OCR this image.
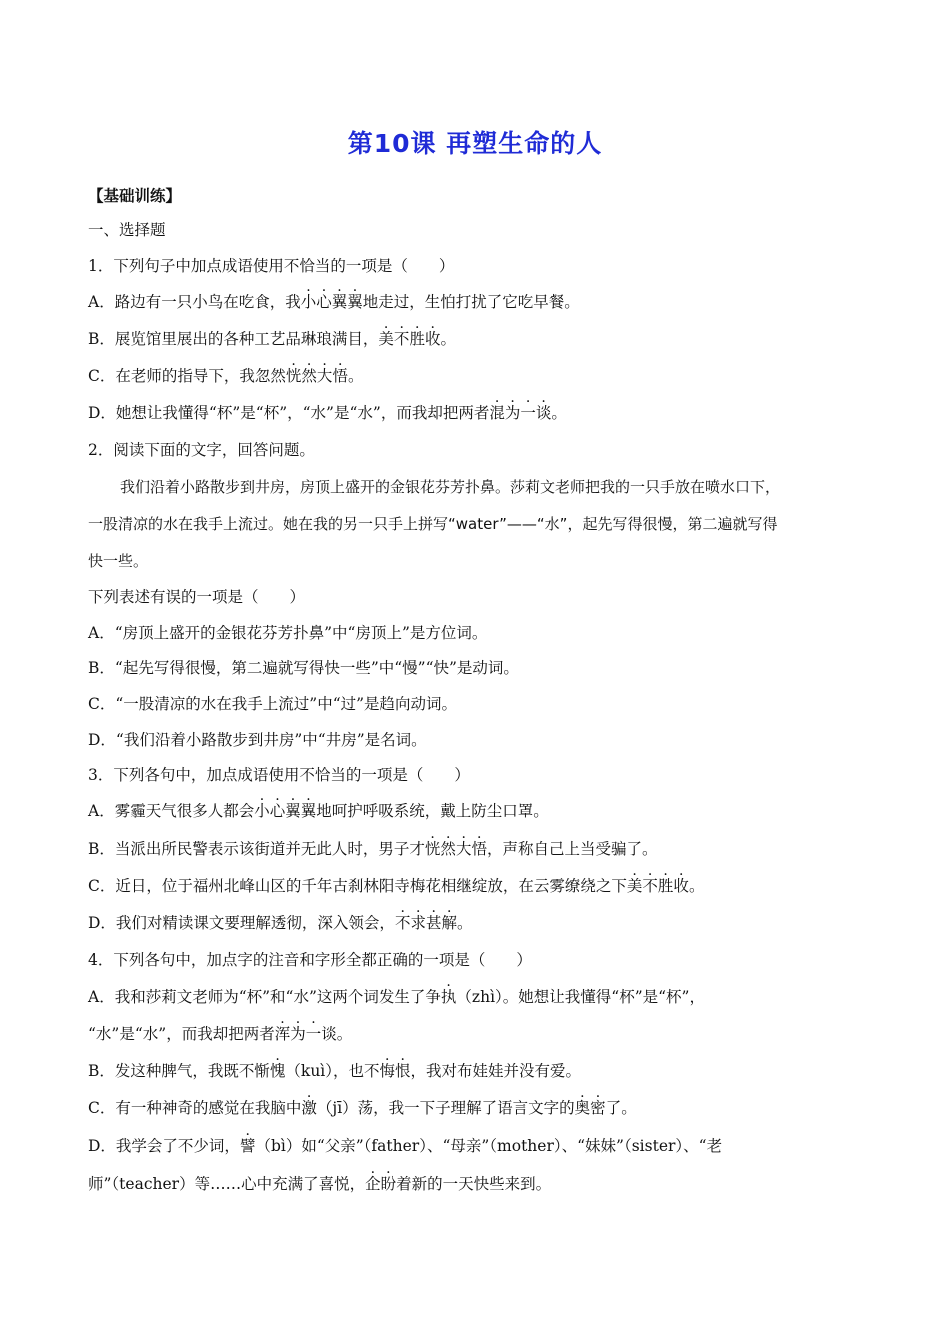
第10课 再塑生命的人
【基础训练】
一、选择题
1．下列句子中加点成语使用不恰当的一项是（　　）
A．路边有一只小鸟在吃食，我小心翼翼地走过，生怕打扰了它吃早餐。
B．展览馆里展出的各种工艺品琳琅满目，美不胜收。
C．在老师的指导下，我忽然恍然大悟。
D．她想让我懂得“杯”是“杯”，“水”是“水”，而我却把两者混为一谈。
2．阅读下面的文字，回答问题。
我们沿着小路散步到井房，房顶上盛开的金银花芬芳扑鼻。莎莉文老师把我的一只手放在喷水口下，
一股清凉的水在我手上流过。她在我的另一只手上拼写“water”——“水”，起先写得很慢，第二遍就写得
快一些。
下列表述有误的一项是（　　）
A．“房顶上盛开的金银花芬芳扑鼻”中“房顶上”是方位词。
B．“起先写得很慢，第二遍就写得快一些”中“慢”“快”是动词。
C．“一股清凉的水在我手上流过”中“过”是趋向动词。
D．“我们沿着小路散步到井房”中“井房”是名词。
3．下列各句中，加点成语使用不恰当的一项是（　　）
A．雾霾天气很多人都会小心翼翼地呵护呼吸系统，戴上防尘口罩。
B．当派出所民警表示该街道并无此人时，男子才恍然大悟，声称自己上当受骗了。
C．近日，位于福州北峰山区的千年古刹林阳寺梅花相继绽放，在云雾缭绕之下美不胜收。
D．我们对精读课文要理解透彻，深入领会，不求甚解。
4．下列各句中，加点字的注音和字形全都正确的一项是（　　）
A．我和莎莉文老师为“杯”和“水”这两个词发生了争执（zhì）。她想让我懂得“杯”是“杯”，
“水”是“水”，而我却把两者浑为一谈。
B．发这种脾气，我既不惭愧（kuì），也不悔恨，我对布娃娃并没有爱。
C．有一种神奇的感觉在我脑中激（jī）荡，我一下子理解了语言文字的奥密了。
D．我学会了不少词，譬（bì）如“父亲”（father）、“母亲”（mother）、“妹妹”（sister）、“老
师”（teacher）等……心中充满了喜悦，企盼着新的一天快些来到。
